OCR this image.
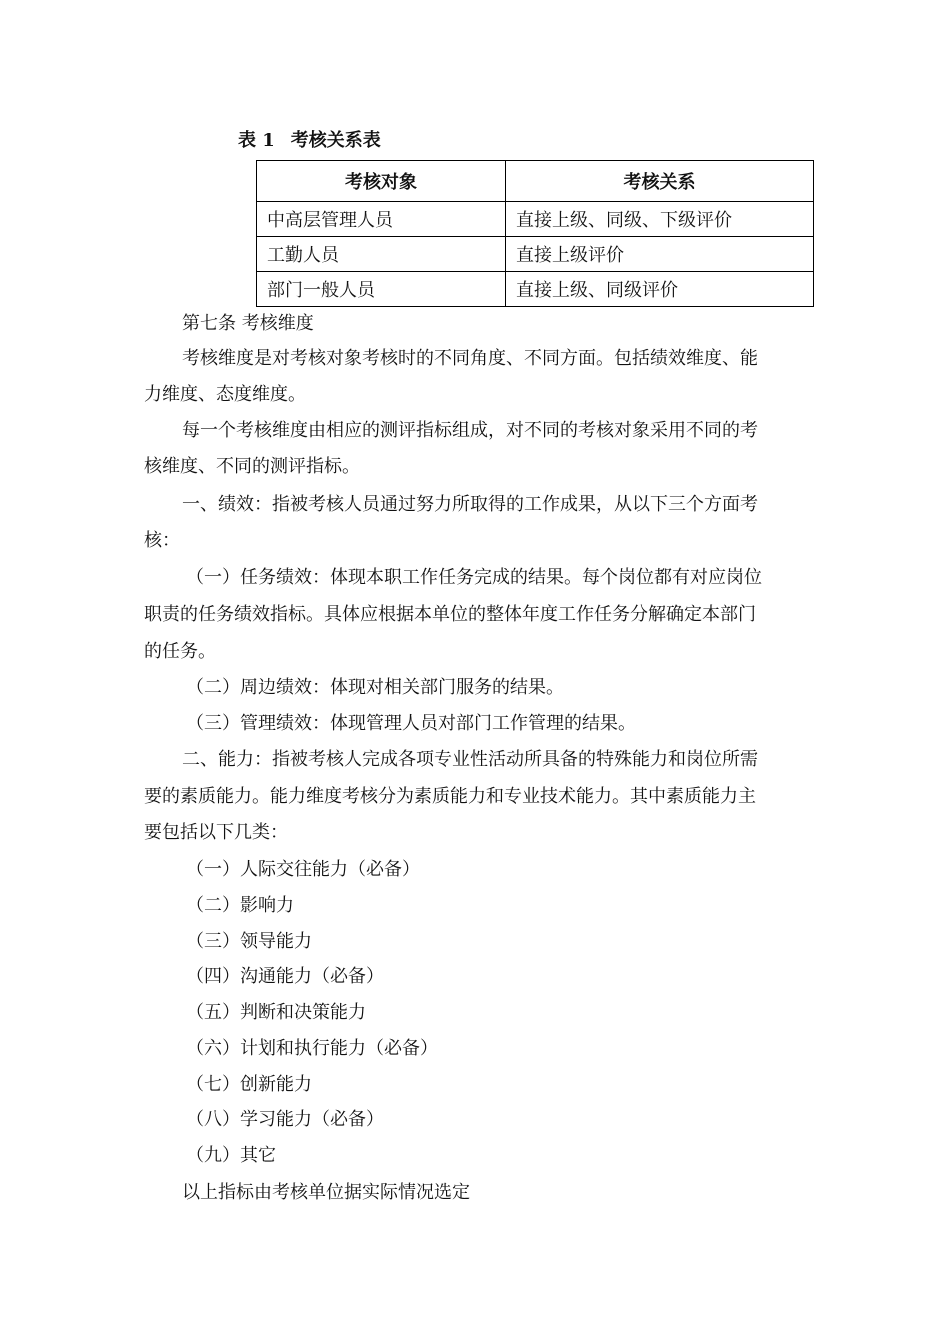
表 1 考核关系表
考核对象	考核关系
中高层管理人员	直接上级、同级、下级评价
工勤人员	直接上级评价
部门一般人员	直接上级、同级评价
第七条 考核维度
考核维度是对考核对象考核时的不同角度、不同方面。包括绩效维度、能
力维度、态度维度。
每一个考核维度由相应的测评指标组成，对不同的考核对象采用不同的考
核维度、不同的测评指标。
一、绩效：指被考核人员通过努力所取得的工作成果，从以下三个方面考
核：
（一）任务绩效：体现本职工作任务完成的结果。每个岗位都有对应岗位
职责的任务绩效指标。具体应根据本单位的整体年度工作任务分解确定本部门
的任务。
（二）周边绩效：体现对相关部门服务的结果。
（三）管理绩效：体现管理人员对部门工作管理的结果。
二、能力：指被考核人完成各项专业性活动所具备的特殊能力和岗位所需
要的素质能力。能力维度考核分为素质能力和专业技术能力。其中素质能力主
要包括以下几类：
（一）人际交往能力（必备）
（二）影响力
（三）领导能力
（四）沟通能力（必备）
（五）判断和决策能力
（六）计划和执行能力（必备）
（七）创新能力
（八）学习能力（必备）
（九）其它
以上指标由考核单位据实际情况选定
